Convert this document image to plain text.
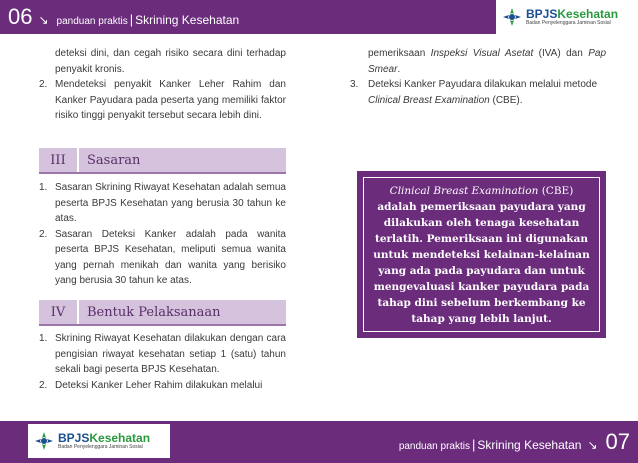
06 ↘ panduan praktis | Skrining Kesehatan	BPJSKesehatan
Badan Penyelenggara Jaminan Sosial
deteksi dini, dan cegah risiko secara dini terhadap penyakit kronis.
2. Mendeteksi penyakit Kanker Leher Rahim dan Kanker Payudara pada peserta yang memiliki faktor risiko tinggi penyakit tersebut secara lebih dini.
III	Sasaran
1. Sasaran Skrining Riwayat Kesehatan adalah semua peserta BPJS Kesehatan yang berusia 30 tahun ke atas.
2. Sasaran Deteksi Kanker adalah pada wanita peserta BPJS Kesehatan, meliputi semua wanita yang pernah menikah dan wanita yang berisiko yang berusia 30 tahun ke atas.
IV	Bentuk Pelaksanaan
1. Skrining Riwayat Kesehatan dilakukan dengan cara pengisian riwayat kesehatan setiap 1 (satu) tahun sekali bagi peserta BPJS Kesehatan.
2. Deteksi Kanker Leher Rahim dilakukan melalui
pemeriksaan Inspeksi Visual Asetat (IVA) dan Pap Smear.
3. Deteksi Kanker Payudara dilakukan melalui metode Clinical Breast Examination (CBE).
Clinical Breast Examination (CBE) adalah pemeriksaan payudara yang dilakukan oleh tenaga kesehatan terlatih. Pemeriksaan ini digunakan untuk mendeteksi kelainan-kelainan yang ada pada payudara dan untuk mengevaluasi kanker payudara pada tahap dini sebelum berkembang ke tahap yang lebih lanjut.
panduan praktis | Skrining Kesehatan ↘ 07
BPJSKesehatan
Badan Penyelenggara Jaminan Sosial
